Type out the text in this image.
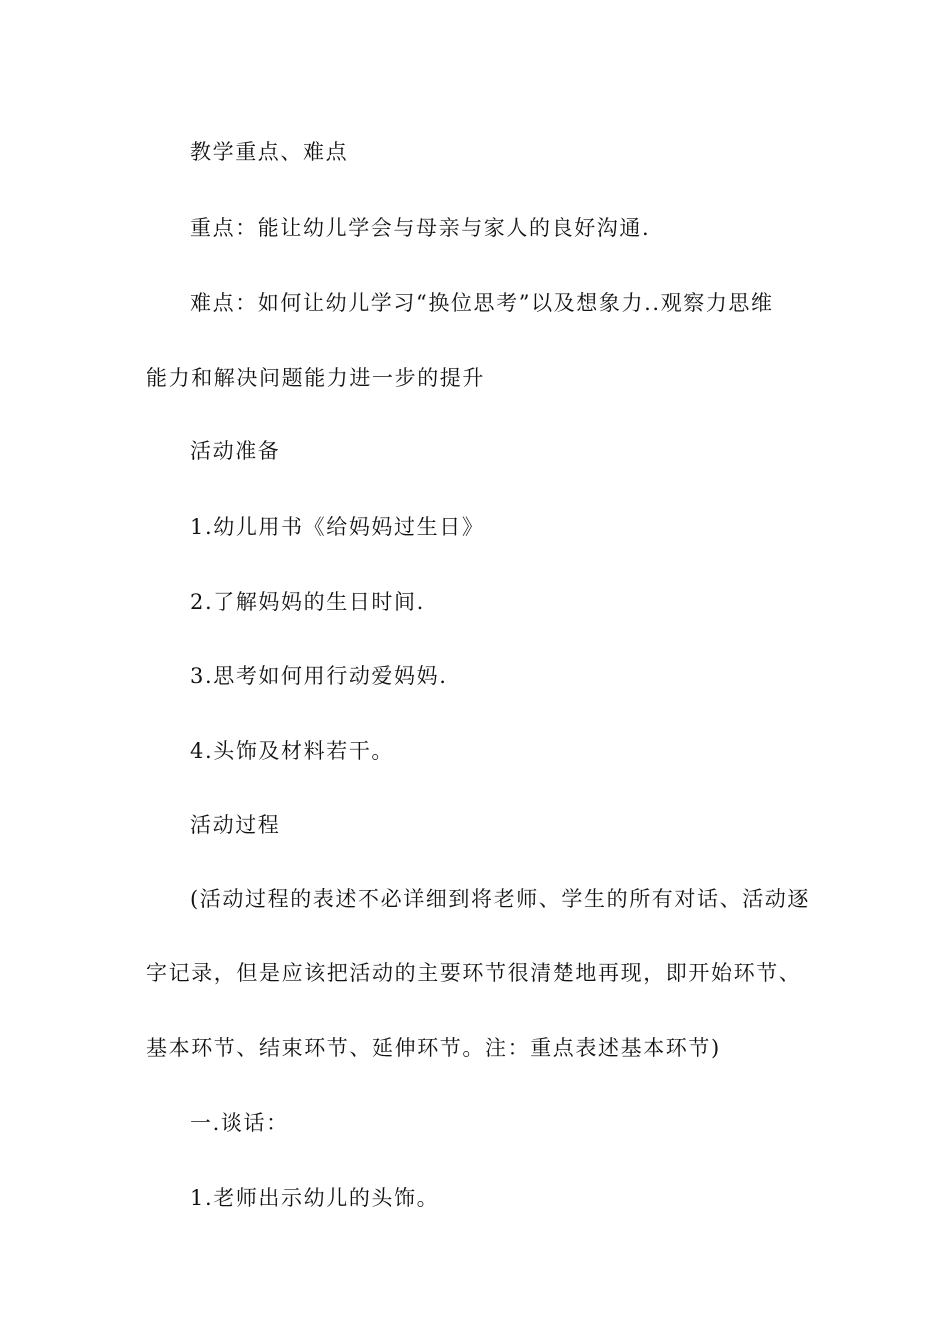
教学重点、难点
重点：能让幼儿学会与母亲与家人的良好沟通.
难点：如何让幼儿学习“换位思考”以及想象力..观察力思维
能力和解决问题能力进一步的提升
活动准备
1.幼儿用书《给妈妈过生日》
2.了解妈妈的生日时间.
3.思考如何用行动爱妈妈.
4.头饰及材料若干。
活动过程
(活动过程的表述不必详细到将老师、学生的所有对话、活动逐
字记录，但是应该把活动的主要环节很清楚地再现，即开始环节、
基本环节、结束环节、延伸环节。注：重点表述基本环节)
一.谈话：
1.老师出示幼儿的头饰。
